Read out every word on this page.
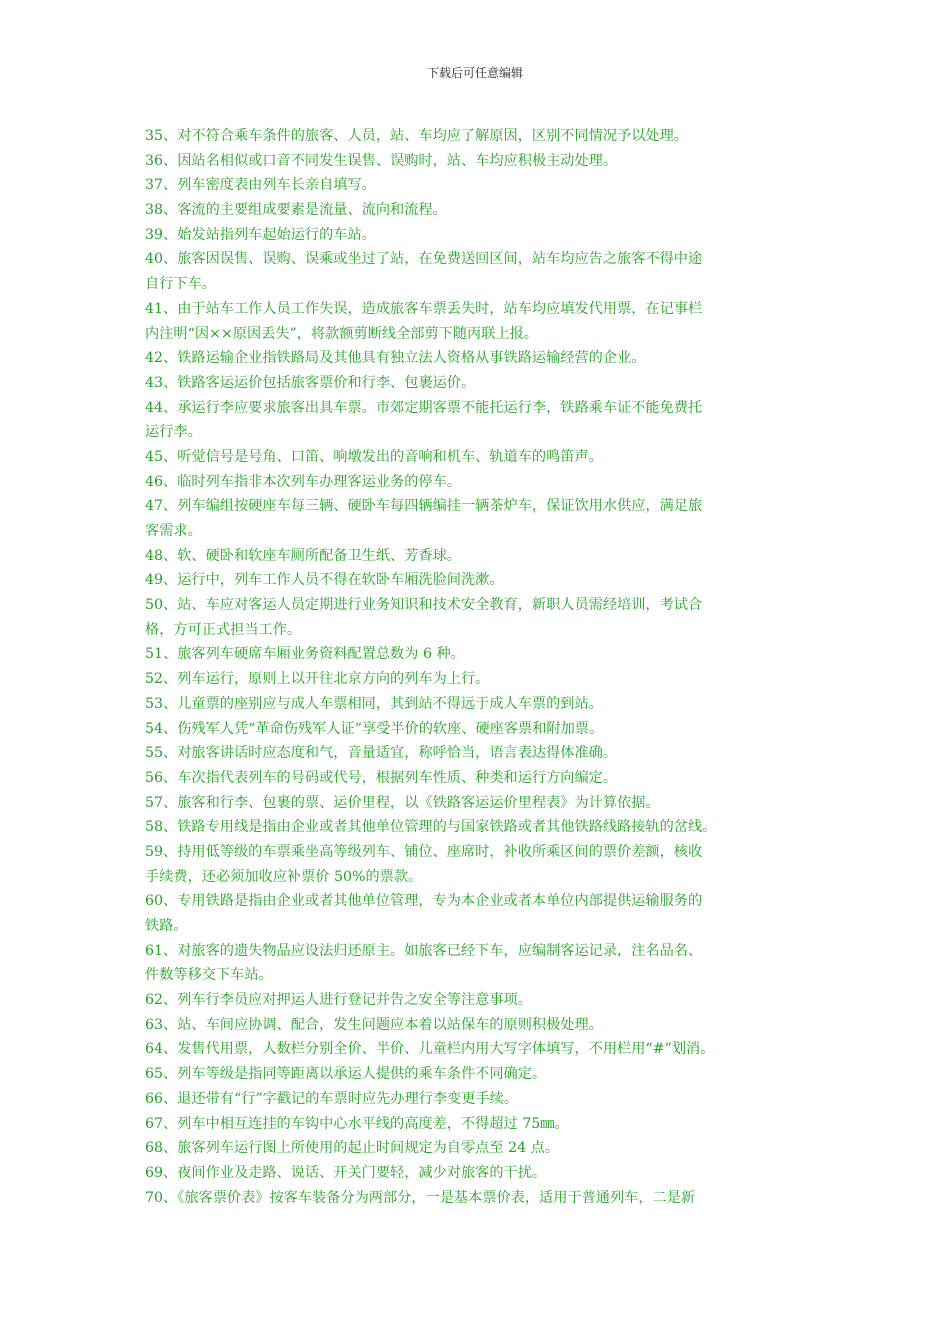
下载后可任意编辑
35、对不符合乘车条件的旅客、人员，站、车均应了解原因，区别不同情况予以处理。
36、因站名相似或口音不同发生误售、误购时，站、车均应积极主动处理。
37、列车密度表由列车长亲自填写。
38、客流的主要组成要素是流量、流向和流程。
39、始发站指列车起始运行的车站。
40、旅客因误售、误购、误乘或坐过了站，在免费送回区间，站车均应告之旅客不得中途
自行下车。
41、由于站车工作人员工作失误，造成旅客车票丢失时，站车均应填发代用票，在记事栏
内注明“因××原因丢失”，将款额剪断线全部剪下随丙联上报。
42、铁路运输企业指铁路局及其他具有独立法人资格从事铁路运输经营的企业。
43、铁路客运运价包括旅客票价和行李、包裹运价。
44、承运行李应要求旅客出具车票。市郊定期客票不能托运行李，铁路乘车证不能免费托
运行李。
45、听觉信号是号角、口笛、响墩发出的音响和机车、轨道车的鸣笛声。
46、临时列车指非本次列车办理客运业务的停车。
47、列车编组按硬座车每三辆、硬卧车每四辆编挂一辆茶炉车，保证饮用水供应，满足旅
客需求。
48、软、硬卧和软座车厕所配备卫生纸、芳香球。
49、运行中，列车工作人员不得在软卧车厢洗脸间洗漱。
50、站、车应对客运人员定期进行业务知识和技术安全教育，新职人员需经培训，考试合
格，方可正式担当工作。
51、旅客列车硬席车厢业务资料配置总数为 6 种。
52、列车运行，原则上以开往北京方向的列车为上行。
53、儿童票的座别应与成人车票相同，其到站不得远于成人车票的到站。
54、伤残军人凭“革命伤残军人证”享受半价的软座、硬座客票和附加票。
55、对旅客讲话时应态度和气，音量适宜，称呼恰当，语言表达得体准确。
56、车次指代表列车的号码或代号，根据列车性质、种类和运行方向编定。
57、旅客和行李、包裹的票、运价里程，以《铁路客运运价里程表》为计算依据。
58、铁路专用线是指由企业或者其他单位管理的与国家铁路或者其他铁路线路接轨的岔线。
59、持用低等级的车票乘坐高等级列车、铺位、座席时，补收所乘区间的票价差额，核收
手续费，还必须加收应补票价 50%的票款。
60、专用铁路是指由企业或者其他单位管理，专为本企业或者本单位内部提供运输服务的
铁路。
61、对旅客的遗失物品应设法归还原主。如旅客已经下车，应编制客运记录，注名品名、
件数等移交下车站。
62、列车行李员应对押运人进行登记并告之安全等注意事项。
63、站、车间应协调、配合，发生问题应本着以站保车的原则积极处理。
64、发售代用票，人数栏分别全价、半价、儿童栏内用大写字体填写，不用栏用“#”划消。
65、列车等级是指同等距离以承运人提供的乘车条件不同确定。
66、退还带有“行”字戳记的车票时应先办理行李变更手续。
67、列车中相互连挂的车钩中心水平线的高度差，不得超过 75㎜。
68、旅客列车运行图上所使用的起止时间规定为自零点至 24 点。
69、夜间作业及走路、说话、开关门要轻，减少对旅客的干扰。
70、《旅客票价表》按客车装备分为两部分，一是基本票价表，适用于普通列车，二是新
